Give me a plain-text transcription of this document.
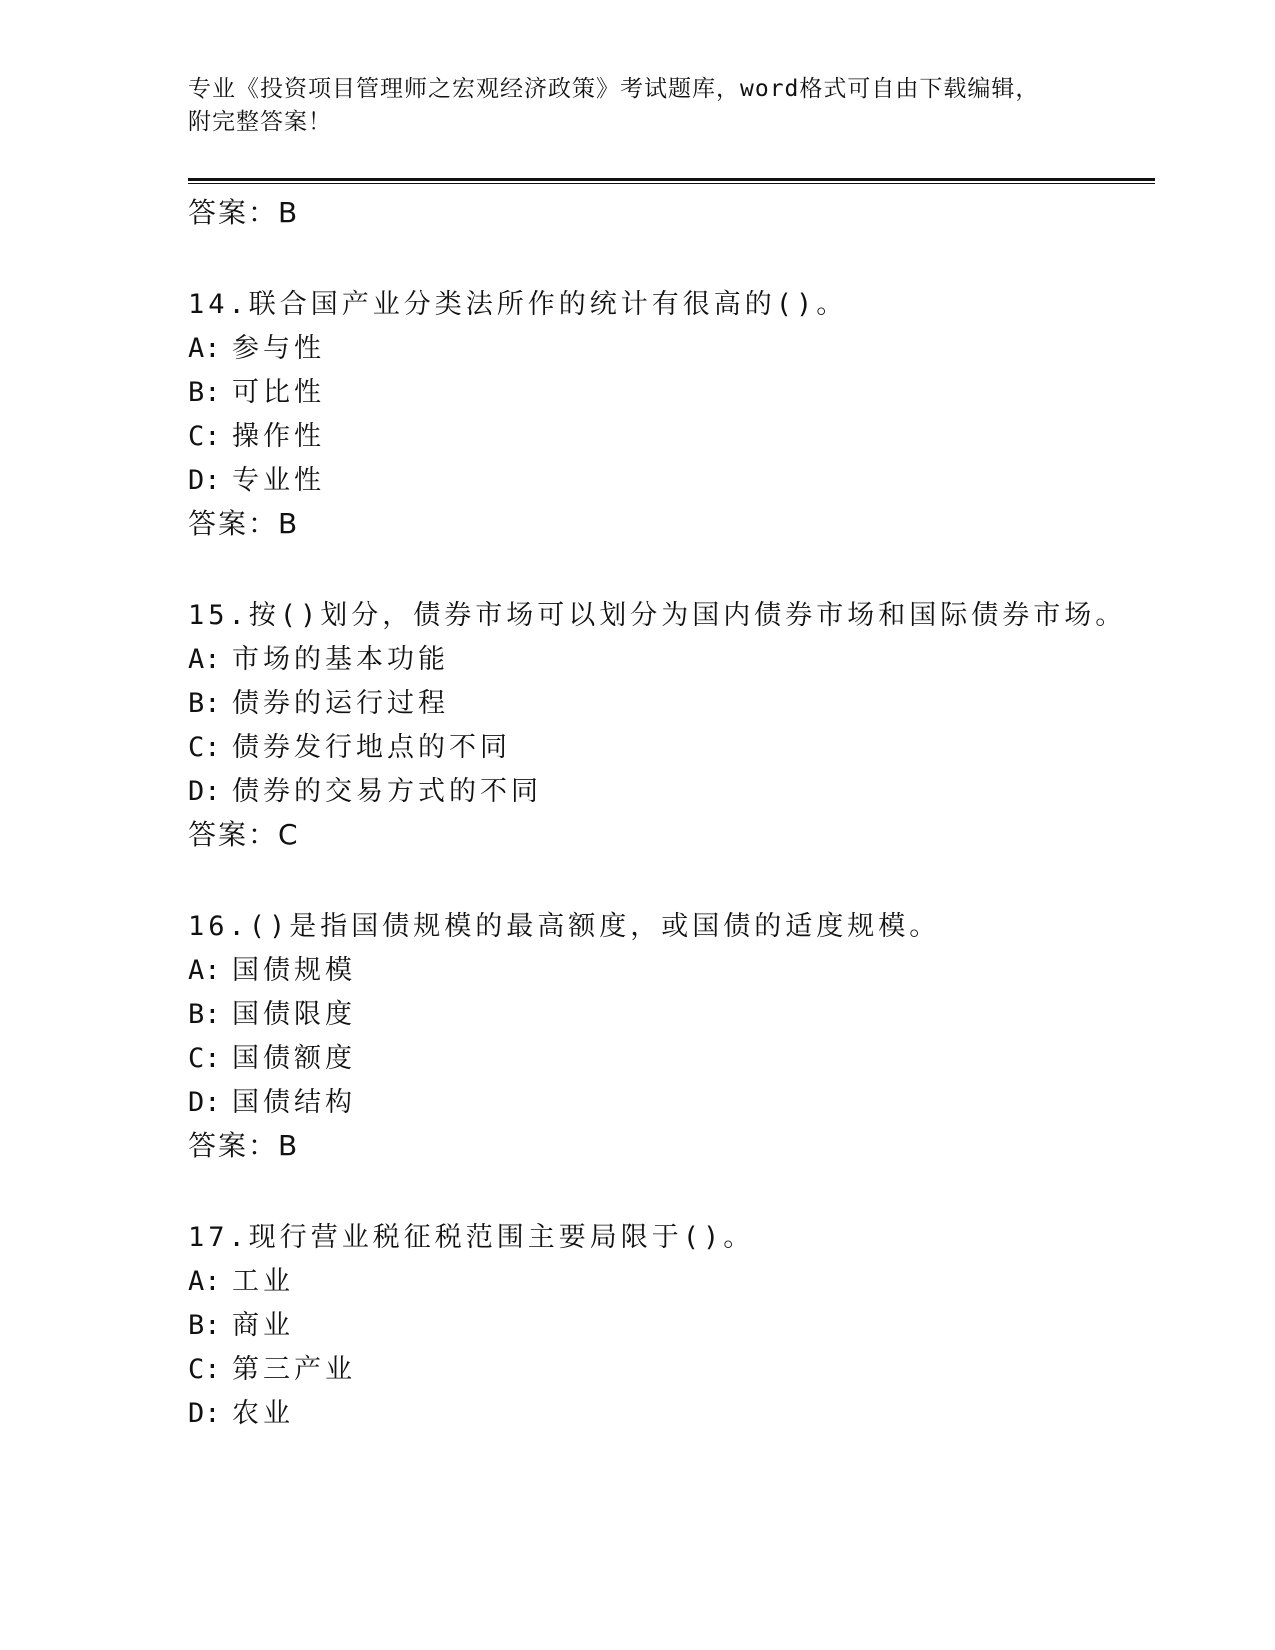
专业《投资项目管理师之宏观经济政策》考试题库，word格式可自由下载编辑，
附完整答案！
答案：B
14.联合国产业分类法所作的统计有很高的()。
A: 参与性
B: 可比性
C: 操作性
D: 专业性
答案：B
15.按()划分，债券市场可以划分为国内债券市场和国际债券市场。
A: 市场的基本功能
B: 债券的运行过程
C: 债券发行地点的不同
D: 债券的交易方式的不同
答案：C
16.()是指国债规模的最高额度，或国债的适度规模。
A: 国债规模
B: 国债限度
C: 国债额度
D: 国债结构
答案：B
17.现行营业税征税范围主要局限于()。
A: 工业
B: 商业
C: 第三产业
D: 农业
